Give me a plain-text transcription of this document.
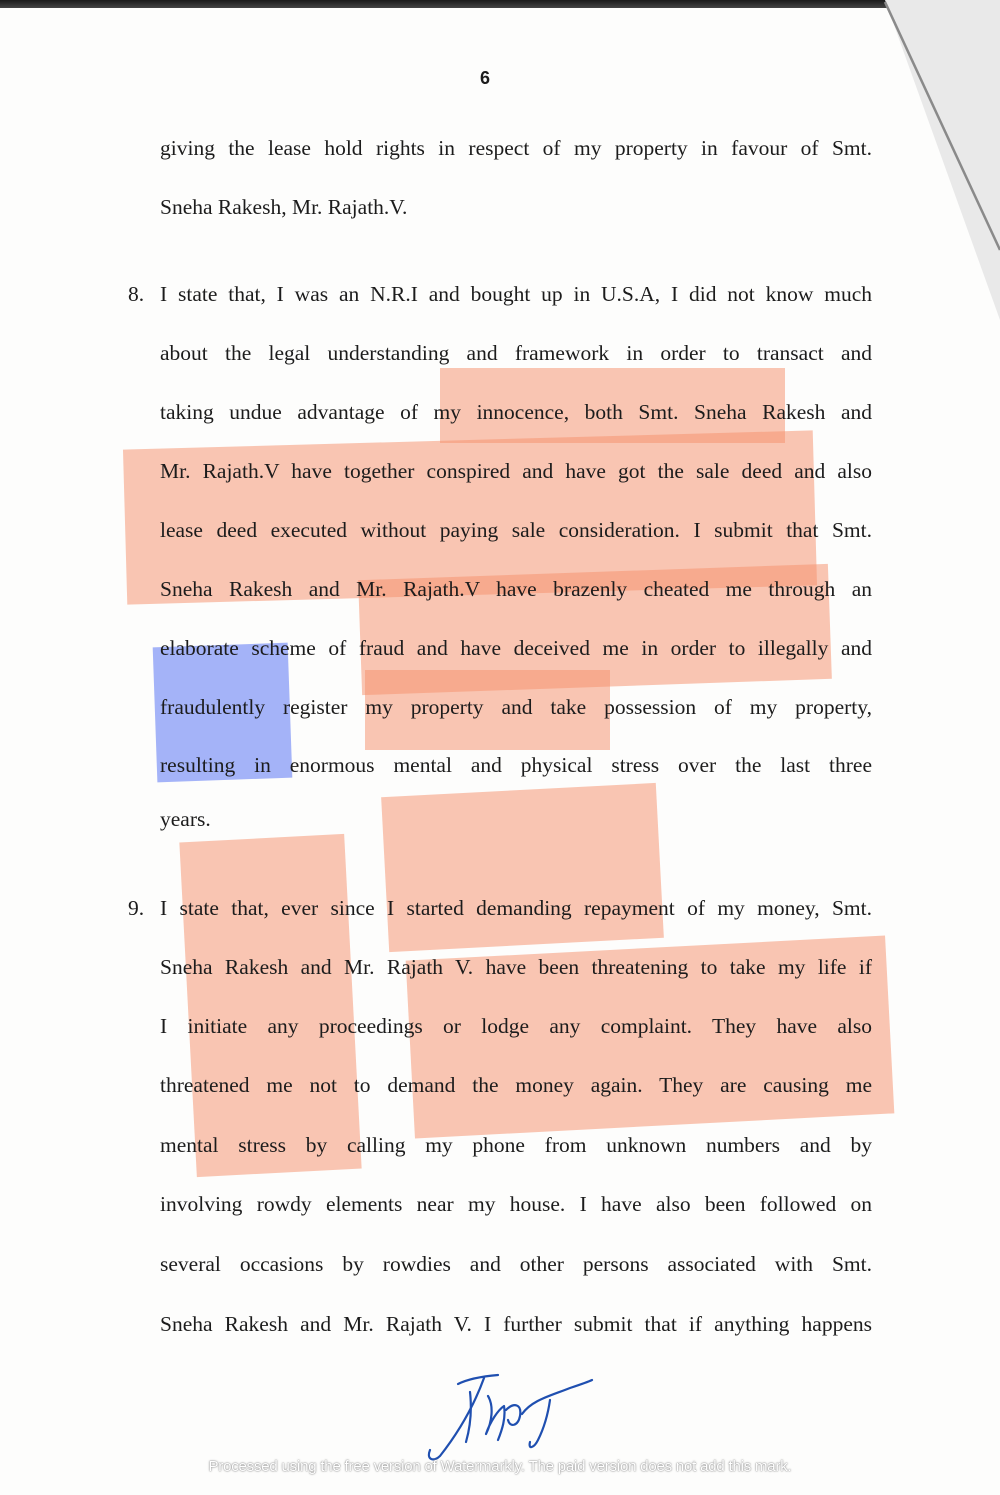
6
giving the lease hold rights in respect of my property in favour of Smt.
Sneha Rakesh, Mr. Rajath.V.
8. I state that, I was an N.R.I and bought up in U.S.A, I did not know much
about the legal understanding and framework in order to transact and
taking undue advantage of my innocence, both Smt. Sneha Rakesh and
Mr. Rajath.V have together conspired and have got the sale deed and also
lease deed executed without paying sale consideration. I submit that Smt.
Sneha Rakesh and Mr. Rajath.V have brazenly cheated me through an
elaborate scheme of fraud and have deceived me in order to illegally and
fraudulently register my property and take possession of my property,
resulting in enormous mental and physical stress over the last three
years.
9. I state that, ever since I started demanding repayment of my money, Smt.
Sneha Rakesh and Mr. Rajath V. have been threatening to take my life if
I initiate any proceedings or lodge any complaint. They have also
threatened me not to demand the money again. They are causing me
mental stress by calling my phone from unknown numbers and by
involving rowdy elements near my house. I have also been followed on
several occasions by rowdies and other persons associated with Smt.
Sneha Rakesh and Mr. Rajath V. I further submit that if anything happens
Processed using the free version of Watermarkly. The paid version does not add this mark.
